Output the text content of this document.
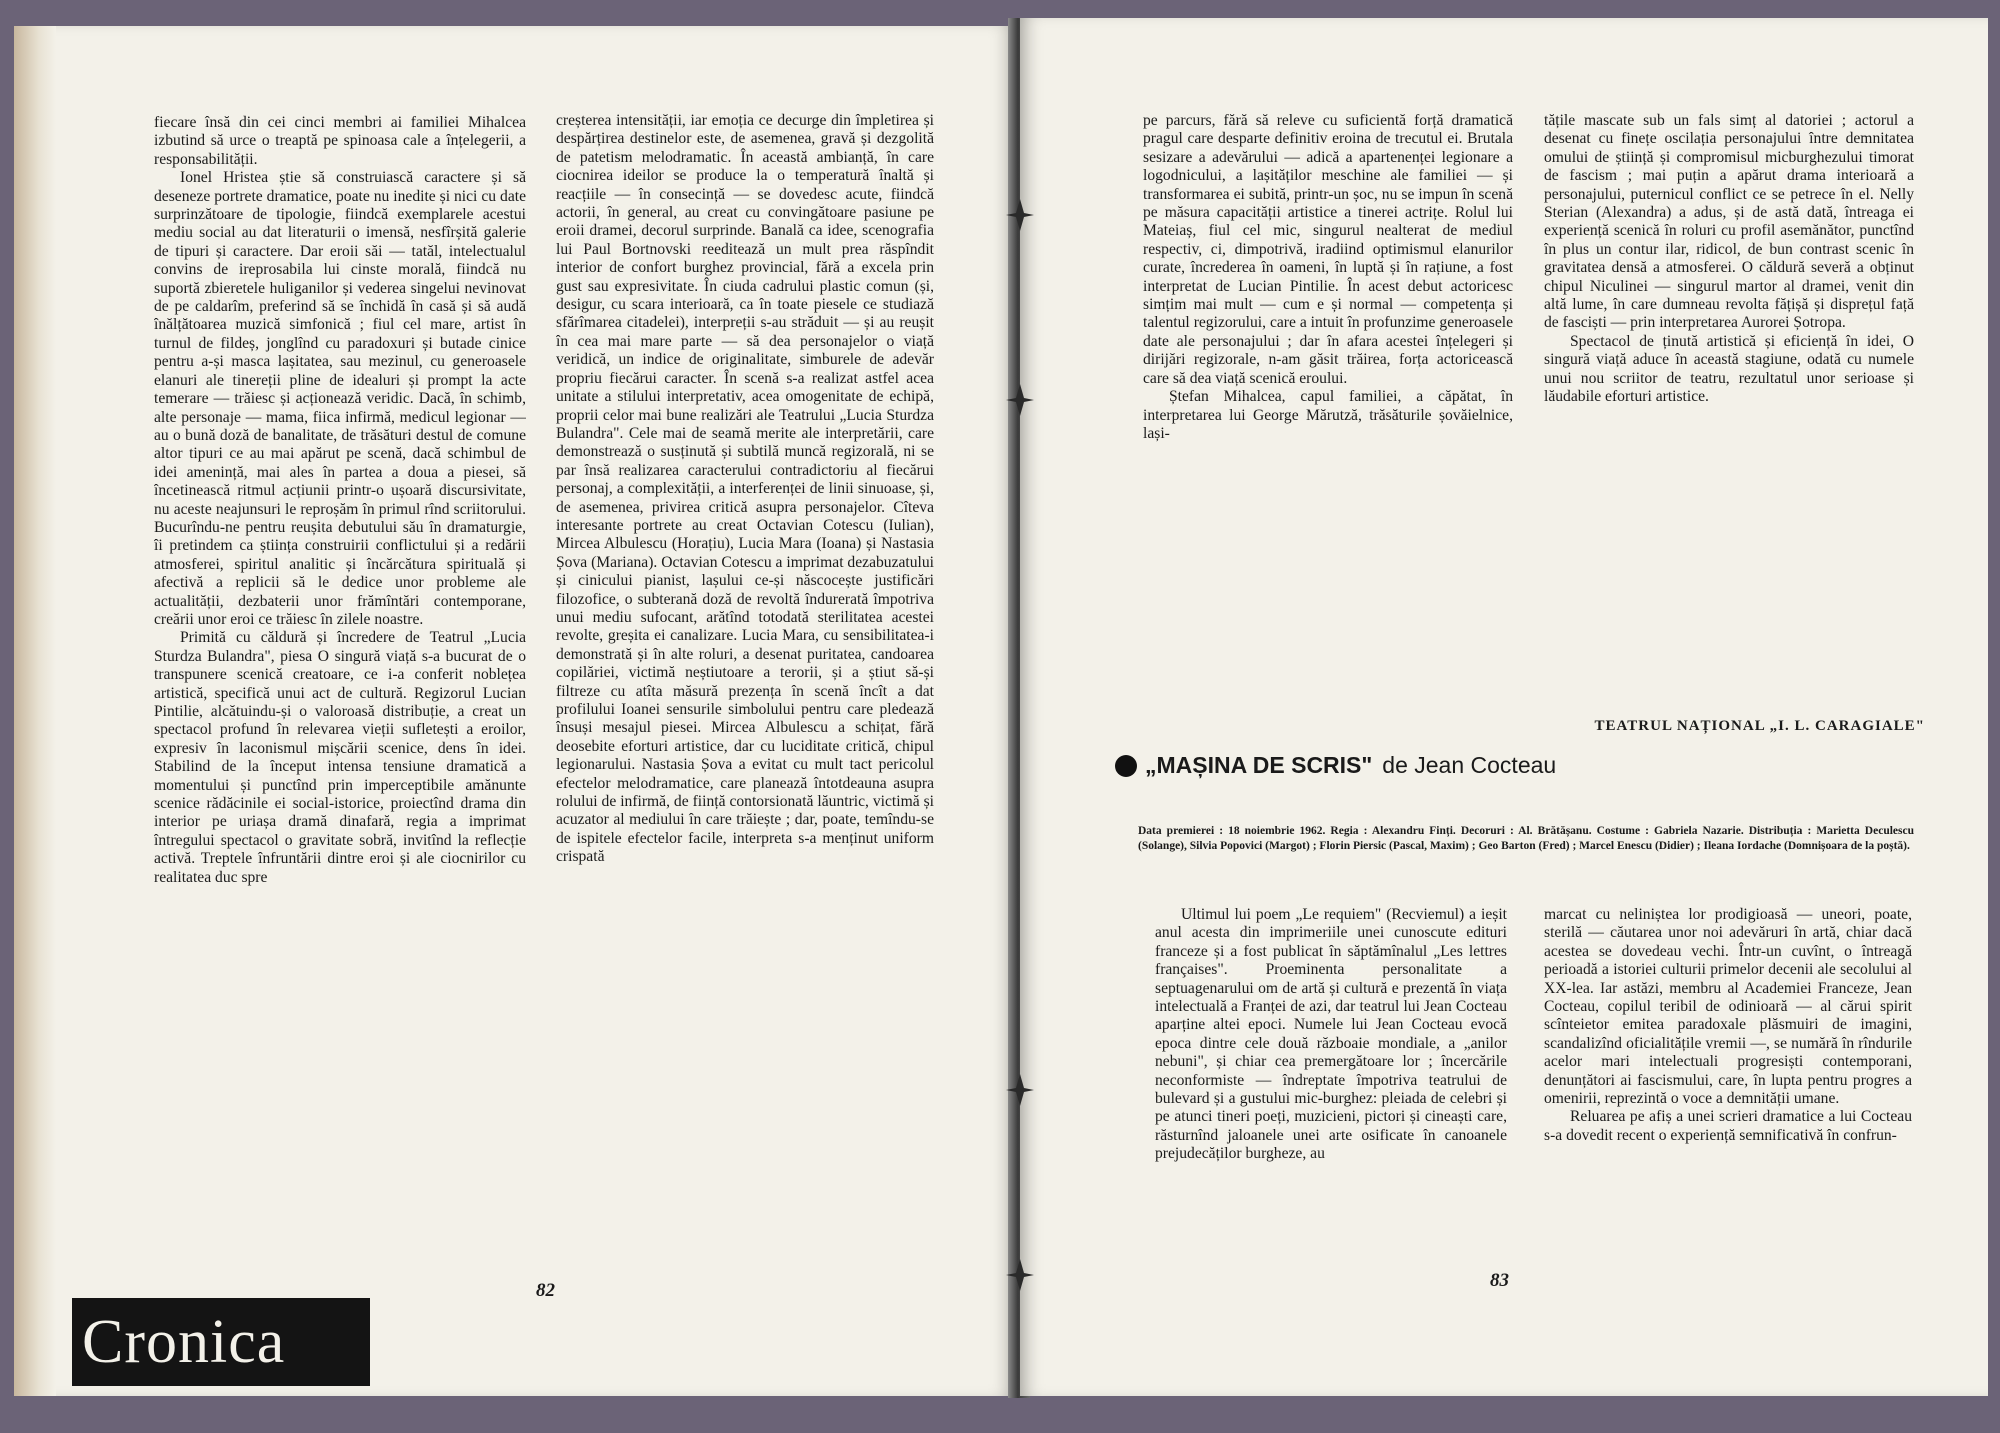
fiecare însă din cei cinci membri ai familiei Mihalcea izbutind să urce o treaptă pe spinoasa cale a înțelegerii, a responsabilității.

Ionel Hristea știe să construiască caractere și să deseneze portrete dramatice, poate nu inedite și nici cu date surprinzătoare de tipologie, fiindcă exemplarele acestui mediu social au dat literaturii o imensă, nesfîrșită galerie de tipuri și caractere. Dar eroii săi — tatăl, intelectualul convins de ireprosabila lui cinste morală, fiindcă nu suportă zbieretele huliganilor și vederea singelui nevinovat de pe caldarîm, preferind să se închidă în casă și să audă înălțătoarea muzică simfonică ; fiul cel mare, artist în turnul de fildeș, jonglînd cu paradoxuri și butade cinice pentru a-și masca lașitatea, sau mezinul, cu generoasele elanuri ale tinereții pline de idealuri și prompt la acte temerare — trăiesc și acționează veridic. Dacă, în schimb, alte personaje — mama, fiica infirmă, medicul legionar — au o bună doză de banalitate, de trăsături destul de comune altor tipuri ce au mai apărut pe scenă, dacă schimbul de idei amenință, mai ales în partea a doua a piesei, să încetinească ritmul acțiunii printr-o ușoară discursivitate, nu aceste neajunsuri le reproșăm în primul rînd scriitorului. Bucurîndu-ne pentru reușita debutului său în dramaturgie, îi pretindem ca știința construirii conflictului și a redării atmosferei, spiritul analitic și încărcătura spirituală și afectivă a replicii să le dedice unor probleme ale actualității, dezbaterii unor frămîntări contemporane, creării unor eroi ce trăiesc în zilele noastre.

Primită cu căldură și încredere de Teatrul „Lucia Sturdza Bulandra", piesa O singură viață s-a bucurat de o transpunere scenică creatoare, ce i-a conferit noblețea artistică, specifică unui act de cultură. Regizorul Lucian Pintilie, alcătuindu-și o valoroasă distribuție, a creat un spectacol profund în relevarea vieții sufletești a eroilor, expresiv în laconismul mișcării scenice, dens în idei. Stabilind de la început intensa tensiune dramatică a momentului și punctînd prin imperceptibile amănunte scenice rădăcinile ei social-istorice, proiectînd drama din interior pe uriașa dramă dinafară, regia a imprimat întregului spectacol o gravitate sobră, invitînd la reflecție activă. Treptele înfruntării dintre eroi și ale ciocnirilor cu realitatea duc spre

creșterea intensității, iar emoția ce decurge din împletirea și despărțirea destinelor este, de asemenea, gravă și dezgolită de patetism melodramatic. În această ambianță, în care ciocnirea ideilor se produce la o temperatură înaltă și reacțiile — în consecință — se dovedesc acute, fiindcă actorii, în general, au creat cu convingătoare pasiune pe eroii dramei, decorul surprinde. Banală ca idee, scenografia lui Paul Bortnovski reeditează un mult prea răspîndit interior de confort burghez provincial, fără a excela prin gust sau expresivitate. În ciuda cadrului plastic comun (și, desigur, cu scara interioară, ca în toate piesele ce studiază sfărîmarea citadelei), interpreții s-au străduit — și au reușit în cea mai mare parte — să dea personajelor o viață veridică, un indice de originalitate, simburele de adevăr propriu fiecărui caracter. În scenă s-a realizat astfel acea unitate a stilului interpretativ, acea omogenitate de echipă, proprii celor mai bune realizări ale Teatrului „Lucia Sturdza Bulandra". Cele mai de seamă merite ale interpretării, care demonstrează o susținută și subtilă muncă regizorală, ni se par însă realizarea caracterului contradictoriu al fiecărui personaj, a complexității, a interferenței de linii sinuoase, și, de asemenea, privirea critică asupra personajelor. Cîteva interesante portrete au creat Octavian Cotescu (Iulian), Mircea Albulescu (Horațiu), Lucia Mara (Ioana) și Nastasia Șova (Mariana). Octavian Cotescu a imprimat dezabuzatului și cinicului pianist, lașului ce-și născocește justificări filozofice, o subterană doză de revoltă îndurerată împotriva unui mediu sufocant, arătînd totodată sterilitatea acestei revolte, greșita ei canalizare. Lucia Mara, cu sensibilitatea-i demonstrată și în alte roluri, a desenat puritatea, candoarea copilăriei, victimă neștiutoare a terorii, și a știut să-și filtreze cu atîta măsură prezența în scenă încît a dat profilului Ioanei sensurile simbolului pentru care pledează însuși mesajul piesei. Mircea Albulescu a schițat, fără deosebite eforturi artistice, dar cu luciditate critică, chipul legionarului. Nastasia Șova a evitat cu mult tact pericolul efectelor melodramatice, care planează întotdeauna asupra rolului de infirmă, de ființă contorsionată lăuntric, victimă și acuzator al mediului în care trăiește ; dar, poate, temîndu-se de ispitele efectelor facile, interpreta s-a menținut uniform crispată

82
Cronica

pe parcurs, fără să releve cu suficientă forță dramatică pragul care desparte definitiv eroina de trecutul ei. Brutala sesizare a adevărului — adică a apartenenței legionare a logodnicului, a lașităților meschine ale familiei — și transformarea ei subită, printr-un șoc, nu se impun în scenă pe măsura capacității artistice a tinerei actrițe. Rolul lui Mateiaș, fiul cel mic, singurul nealterat de mediul respectiv, ci, dimpotrivă, iradiind optimismul elanurilor curate, încrederea în oameni, în luptă și în rațiune, a fost interpretat de Lucian Pintilie. În acest debut actoricesc simțim mai mult — cum e și normal — competența și talentul regizorului, care a intuit în profunzime generoasele date ale personajului ; dar în afara acestei înțelegeri și dirijări regizorale, n-am găsit trăirea, forța actoricească care să dea viață scenică eroului.

Ștefan Mihalcea, capul familiei, a căpătat, în interpretarea lui George Mărutză, trăsăturile șovăielnice, lași-

tățile mascate sub un fals simț al datoriei ; actorul a desenat cu finețe oscilația personajului între demnitatea omului de știință și compromisul micburghezului timorat de fascism ; mai puțin a apărut drama interioară a personajului, puternicul conflict ce se petrece în el. Nelly Sterian (Alexandra) a adus, și de astă dată, întreaga ei experiență scenică în roluri cu profil asemănător, punctînd în plus un contur ilar, ridicol, de bun contrast scenic în gravitatea densă a atmosferei. O căldură severă a obținut chipul Niculinei — singurul martor al dramei, venit din altă lume, în care dumneau revolta fățișă și disprețul față de fasciști — prin interpretarea Aurorei Șotropa.

Spectacol de ținută artistică și eficiență în idei, O singură viață aduce în această stagiune, odată cu numele unui nou scriitor de teatru, rezultatul unor serioase și lăudabile eforturi artistice.

TEATRUL NAȚIONAL „I. L. CARAGIALE"
„MAȘINA DE SCRIS" de Jean Cocteau
Data premierei : 18 noiembrie 1962. Regia : Alexandru Finți. Decoruri : Al. Brătășanu. Costume : Gabriela Nazarie. Distribuția : Marietta Deculescu (Solange), Silvia Popovici (Margot) ; Florin Piersic (Pascal, Maxim) ; Geo Barton (Fred) ; Marcel Enescu (Didier) ; Ileana Iordache (Domnișoara de la poștă).

Ultimul lui poem „Le requiem" (Recviemul) a ieșit anul acesta din imprimeriile unei cunoscute edituri franceze și a fost publicat în săptămînalul „Les lettres françaises". Proeminenta personalitate a septuagenarului om de artă și cultură e prezentă în viața intelectuală a Franței de azi, dar teatrul lui Jean Cocteau aparține altei epoci. Numele lui Jean Cocteau evocă epoca dintre cele două războaie mondiale, a „anilor nebuni", și chiar cea premergătoare lor ; încercările neconformiste — îndreptate împotriva teatrului de bulevard și a gustului mic-burghez: pleiada de celebri și pe atunci tineri poeți, muzicieni, pictori și cineaști care, răsturnînd jaloanele unei arte osificate în canoanele prejudecăților burgheze, au

marcat cu neliniștea lor prodigioasă — uneori, poate, sterilă — căutarea unor noi adevăruri în artă, chiar dacă acestea se dovedeau vechi. Într-un cuvînt, o întreagă perioadă a istoriei culturii primelor decenii ale secolului al XX-lea. Iar astăzi, membru al Academiei Franceze, Jean Cocteau, copilul teribil de odinioară — al cărui spirit scînteietor emitea paradoxale plăsmuiri de imagini, scandalizînd oficialitățile vremii —, se numără în rîndurile acelor mari intelectuali progresiști contemporani, denunțători ai fascismului, care, în lupta pentru progres a omenirii, reprezintă o voce a demnității umane.

Reluarea pe afiș a unei scrieri dramatice a lui Cocteau s-a dovedit recent o experiență semnificativă în confrun-

83
